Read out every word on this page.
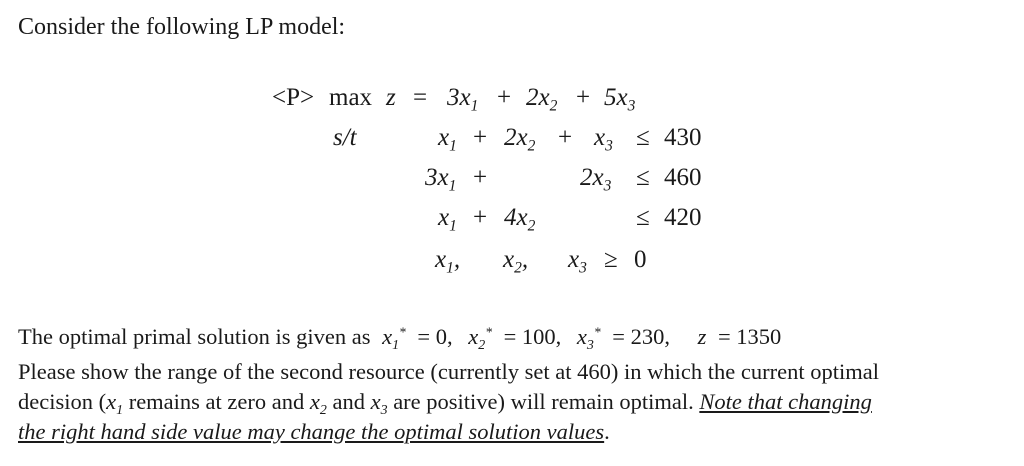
Consider the following LP model:
$<P> \max z = 3x_1 + 2x_2 + 5x_3$
s/t	$x_1 + 2x_2 + x_3 \le 430$
$3x_1$ +	$2x_3 \le 460$
$x_1 + 4x_2$	≤ 420
$x_1$, $x_2$, $x_3 \ge 0$
The optimal primal solution is given as $x_1^* = 0$, $x_2^* = 100$, $x_3^* = 230$, z = 1350
Please show the range of the second resource (currently set at 460) in which the current optimal
decision ($x_1$ remains at zero and $x_2$ and $x_3$ are positive) will remain optimal. Note that changing
the right hand side value may change the optimal solution values.
